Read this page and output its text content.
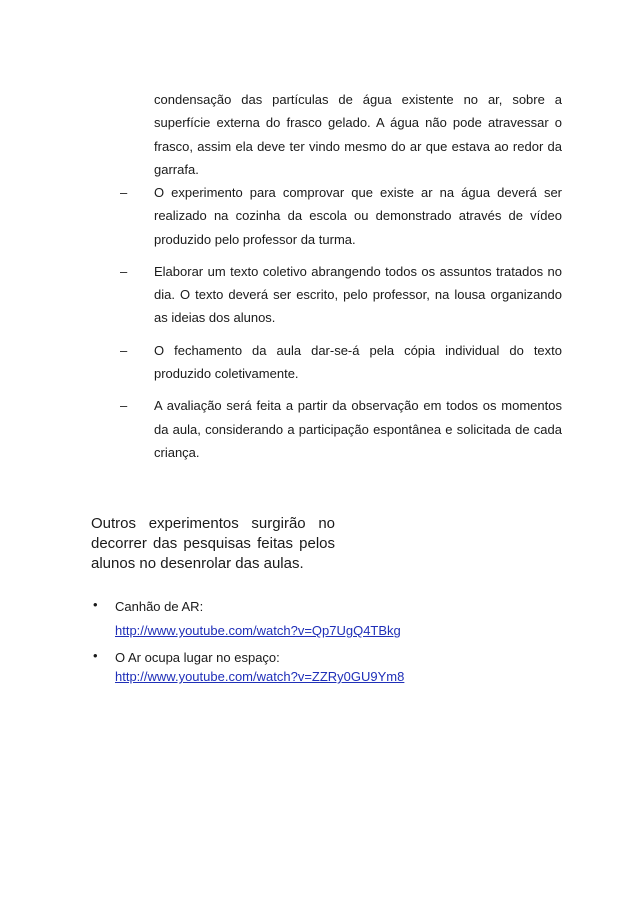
condensação das partículas de água existente no ar, sobre a superfície externa do frasco gelado. A água não pode atravessar o frasco, assim ela deve ter vindo mesmo do ar que estava ao redor da garrafa.

–	O experimento para comprovar que existe ar na água deverá ser realizado na cozinha da escola ou demonstrado através de vídeo produzido pelo professor da turma.
–	Elaborar um texto coletivo abrangendo todos os assuntos tratados no dia. O texto deverá ser escrito, pelo professor, na lousa organizando as ideias dos alunos.
–	O fechamento da aula dar-se-á pela cópia individual do texto produzido coletivamente.
–	A avaliação será feita a partir da observação em todos os momentos da aula, considerando a participação espontânea e solicitada de cada criança.

Outros experimentos surgirão no decorrer das pesquisas feitas pelos alunos no desenrolar das aulas.

• Canhão de AR:
http://www.youtube.com/watch?v=Qp7UgQ4TBkg
• O Ar ocupa lugar no espaço:
http://www.youtube.com/watch?v=ZZRy0GU9Ym8
